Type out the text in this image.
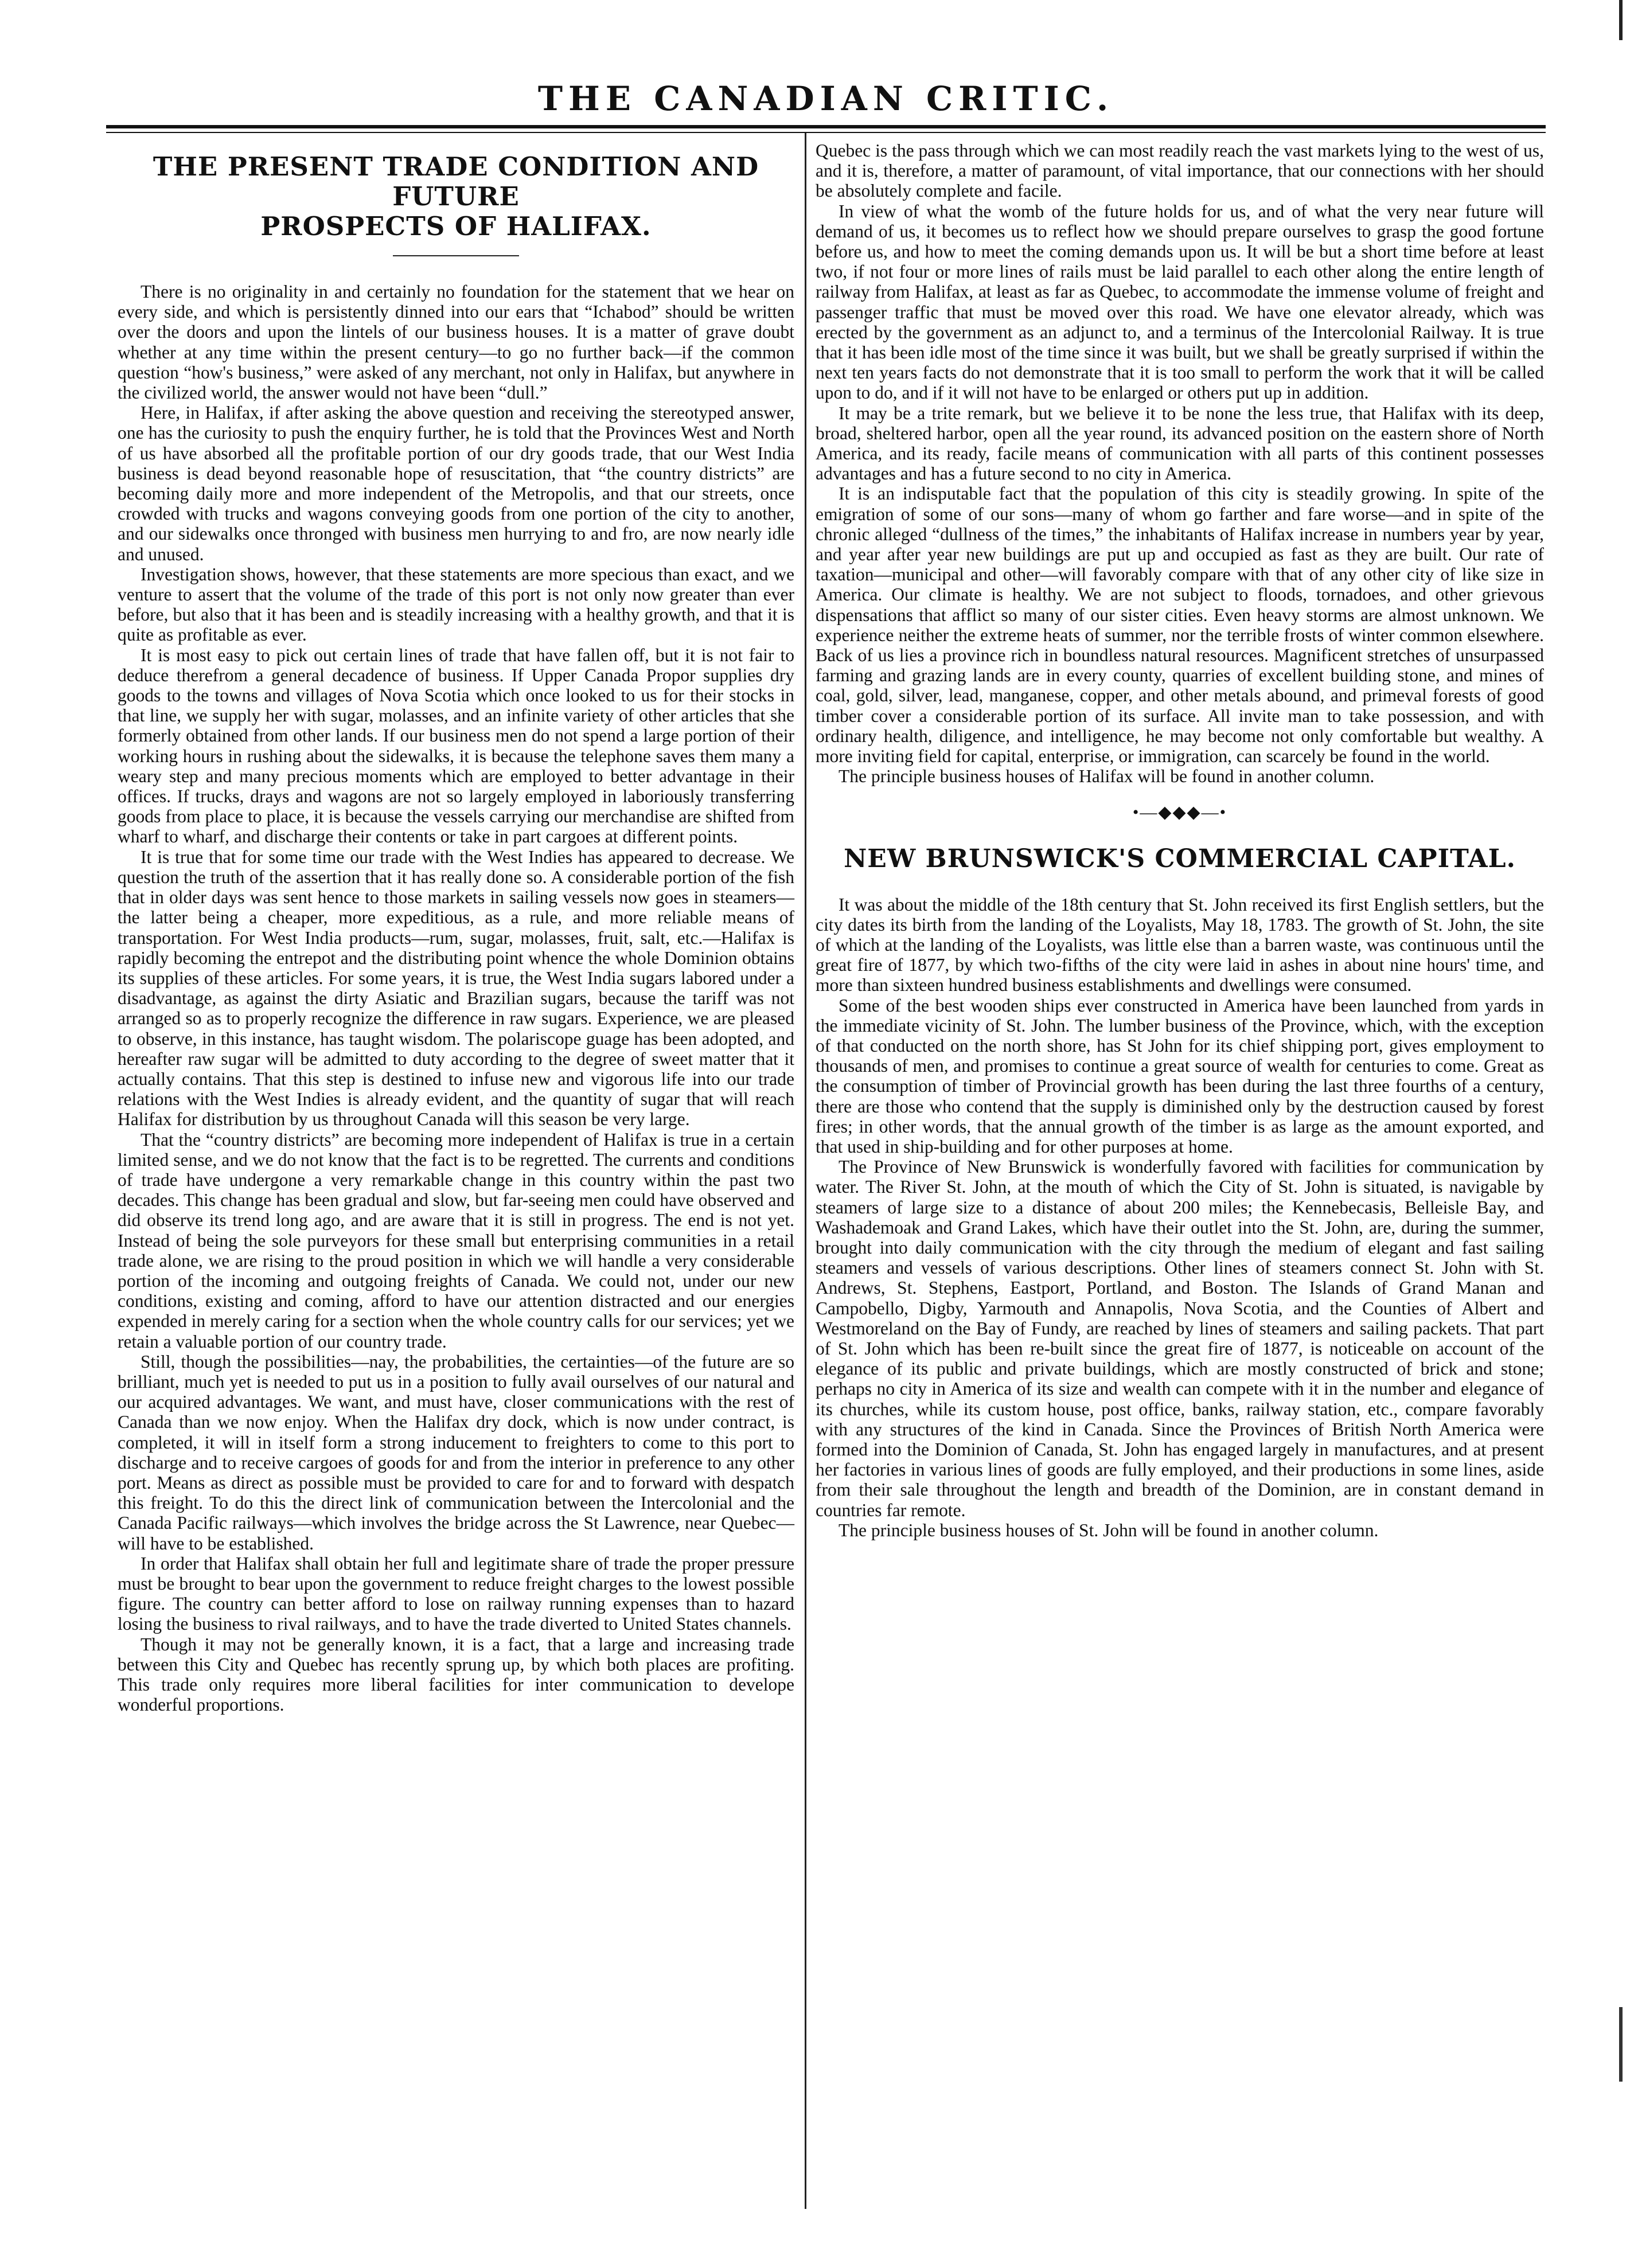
THE CANADIAN CRITIC.
THE PRESENT TRADE CONDITION AND FUTURE
PROSPECTS OF HALIFAX.

There is no originality in and certainly no foundation for the statement that we hear on every side, and which is persistently dinned into our ears that “Ichabod” should be written over the doors and upon the lintels of our business houses. It is a matter of grave doubt whether at any time within the present century—to go no further back—if the common question “how's business,” were asked of any merchant, not only in Halifax, but anywhere in the civilized world, the answer would not have been “dull.”

Here, in Halifax, if after asking the above question and receiving the stereotyped answer, one has the curiosity to push the enquiry further, he is told that the Provinces West and North of us have absorbed all the profitable portion of our dry goods trade, that our West India business is dead beyond reasonable hope of resuscitation, that “the country districts” are becoming daily more and more independent of the Metropolis, and that our streets, once crowded with trucks and wagons conveying goods from one portion of the city to another, and our sidewalks once thronged with business men hurrying to and fro, are now nearly idle and unused.

Investigation shows, however, that these statements are more specious than exact, and we venture to assert that the volume of the trade of this port is not only now greater than ever before, but also that it has been and is steadily increasing with a healthy growth, and that it is quite as profitable as ever.

It is most easy to pick out certain lines of trade that have fallen off, but it is not fair to deduce therefrom a general decadence of business. If Upper Canada Propor supplies dry goods to the towns and villages of Nova Scotia which once looked to us for their stocks in that line, we supply her with sugar, molasses, and an infinite variety of other articles that she formerly obtained from other lands. If our business men do not spend a large portion of their working hours in rushing about the sidewalks, it is because the telephone saves them many a weary step and many precious moments which are employed to better advantage in their offices. If trucks, drays and wagons are not so largely employed in laboriously transferring goods from place to place, it is because the vessels carrying our merchandise are shifted from wharf to wharf, and discharge their contents or take in part cargoes at different points.

It is true that for some time our trade with the West Indies has appeared to decrease. We question the truth of the assertion that it has really done so. A considerable portion of the fish that in older days was sent hence to those markets in sailing vessels now goes in steamers—the latter being a cheaper, more expeditious, as a rule, and more reliable means of transportation. For West India products—rum, sugar, molasses, fruit, salt, etc.—Halifax is rapidly becoming the entrepot and the distributing point whence the whole Dominion obtains its supplies of these articles. For some years, it is true, the West India sugars labored under a disadvantage, as against the dirty Asiatic and Brazilian sugars, because the tariff was not arranged so as to properly recognize the difference in raw sugars. Experience, we are pleased to observe, in this instance, has taught wisdom. The polariscope guage has been adopted, and hereafter raw sugar will be admitted to duty according to the degree of sweet matter that it actually contains. That this step is destined to infuse new and vigorous life into our trade relations with the West Indies is already evident, and the quantity of sugar that will reach Halifax for distribution by us throughout Canada will this season be very large.

That the “country districts” are becoming more independent of Halifax is true in a certain limited sense, and we do not know that the fact is to be regretted. The currents and conditions of trade have undergone a very remarkable change in this country within the past two decades. This change has been gradual and slow, but far-seeing men could have observed and did observe its trend long ago, and are aware that it is still in progress. The end is not yet. Instead of being the sole purveyors for these small but enterprising communities in a retail trade alone, we are rising to the proud position in which we will handle a very considerable portion of the incoming and outgoing freights of Canada. We could not, under our new conditions, existing and coming, afford to have our attention distracted and our energies expended in merely caring for a section when the whole country calls for our services; yet we retain a valuable portion of our country trade.

Still, though the possibilities—nay, the probabilities, the certainties—of the future are so brilliant, much yet is needed to put us in a position to fully avail ourselves of our natural and our acquired advantages. We want, and must have, closer communications with the rest of Canada than we now enjoy. When the Halifax dry dock, which is now under contract, is completed, it will in itself form a strong inducement to freighters to come to this port to discharge and to receive cargoes of goods for and from the interior in preference to any other port. Means as direct as possible must be provided to care for and to forward with despatch this freight. To do this the direct link of communication between the Intercolonial and the Canada Pacific railways—which involves the bridge across the St Lawrence, near Quebec—will have to be established.

In order that Halifax shall obtain her full and legitimate share of trade the proper pressure must be brought to bear upon the government to reduce freight charges to the lowest possible figure. The country can better afford to lose on railway running expenses than to hazard losing the business to rival railways, and to have the trade diverted to United States channels.

Though it may not be generally known, it is a fact, that a large and increasing trade between this City and Quebec has recently sprung up, by which both places are profiting. This trade only requires more liberal facilities for inter communication to develope wonderful proportions.

Quebec is the pass through which we can most readily reach the vast markets lying to the west of us, and it is, therefore, a matter of paramount, of vital importance, that our connections with her should be absolutely complete and facile.

In view of what the womb of the future holds for us, and of what the very near future will demand of us, it becomes us to reflect how we should prepare ourselves to grasp the good fortune before us, and how to meet the coming demands upon us. It will be but a short time before at least two, if not four or more lines of rails must be laid parallel to each other along the entire length of railway from Halifax, at least as far as Quebec, to accommodate the immense volume of freight and passenger traffic that must be moved over this road. We have one elevator already, which was erected by the government as an adjunct to, and a terminus of the Intercolonial Railway. It is true that it has been idle most of the time since it was built, but we shall be greatly surprised if within the next ten years facts do not demonstrate that it is too small to perform the work that it will be called upon to do, and if it will not have to be enlarged or others put up in addition.

It may be a trite remark, but we believe it to be none the less true, that Halifax with its deep, broad, sheltered harbor, open all the year round, its advanced position on the eastern shore of North America, and its ready, facile means of communication with all parts of this continent possesses advantages and has a future second to no city in America.

It is an indisputable fact that the population of this city is steadily growing. In spite of the emigration of some of our sons—many of whom go farther and fare worse—and in spite of the chronic alleged “dullness of the times,” the inhabitants of Halifax increase in numbers year by year, and year after year new buildings are put up and occupied as fast as they are built. Our rate of taxation—municipal and other—will favorably compare with that of any other city of like size in America. Our climate is healthy. We are not subject to floods, tornadoes, and other grievous dispensations that afflict so many of our sister cities. Even heavy storms are almost unknown. We experience neither the extreme heats of summer, nor the terrible frosts of winter common elsewhere. Back of us lies a province rich in boundless natural resources. Magnificent stretches of unsurpassed farming and grazing lands are in every county, quarries of excellent building stone, and mines of coal, gold, silver, lead, manganese, copper, and other metals abound, and primeval forests of good timber cover a considerable portion of its surface. All invite man to take possession, and with ordinary health, diligence, and intelligence, he may become not only comfortable but wealthy. A more inviting field for capital, enterprise, or immigration, can scarcely be found in the world.

The principle business houses of Halifax will be found in another column.

•—◆◆◆—•
NEW BRUNSWICK'S COMMERCIAL CAPITAL.

It was about the middle of the 18th century that St. John received its first English settlers, but the city dates its birth from the landing of the Loyalists, May 18, 1783. The growth of St. John, the site of which at the landing of the Loyalists, was little else than a barren waste, was continuous until the great fire of 1877, by which two-fifths of the city were laid in ashes in about nine hours' time, and more than sixteen hundred business establishments and dwellings were consumed.

Some of the best wooden ships ever constructed in America have been launched from yards in the immediate vicinity of St. John. The lumber business of the Province, which, with the exception of that conducted on the north shore, has St John for its chief shipping port, gives employment to thousands of men, and promises to continue a great source of wealth for centuries to come. Great as the consumption of timber of Provincial growth has been during the last three fourths of a century, there are those who contend that the supply is diminished only by the destruction caused by forest fires; in other words, that the annual growth of the timber is as large as the amount exported, and that used in ship-building and for other purposes at home.

The Province of New Brunswick is wonderfully favored with facilities for communication by water. The River St. John, at the mouth of which the City of St. John is situated, is navigable by steamers of large size to a distance of about 200 miles; the Kennebecasis, Belleisle Bay, and Washademoak and Grand Lakes, which have their outlet into the St. John, are, during the summer, brought into daily communication with the city through the medium of elegant and fast sailing steamers and vessels of various descriptions. Other lines of steamers connect St. John with St. Andrews, St. Stephens, Eastport, Portland, and Boston. The Islands of Grand Manan and Campobello, Digby, Yarmouth and Annapolis, Nova Scotia, and the Counties of Albert and Westmoreland on the Bay of Fundy, are reached by lines of steamers and sailing packets. That part of St. John which has been re-built since the great fire of 1877, is noticeable on account of the elegance of its public and private buildings, which are mostly constructed of brick and stone; perhaps no city in America of its size and wealth can compete with it in the number and elegance of its churches, while its custom house, post office, banks, railway station, etc., compare favorably with any structures of the kind in Canada. Since the Provinces of British North America were formed into the Dominion of Canada, St. John has engaged largely in manufactures, and at present her factories in various lines of goods are fully employed, and their productions in some lines, aside from their sale throughout the length and breadth of the Dominion, are in constant demand in countries far remote.

The principle business houses of St. John will be found in another column.
